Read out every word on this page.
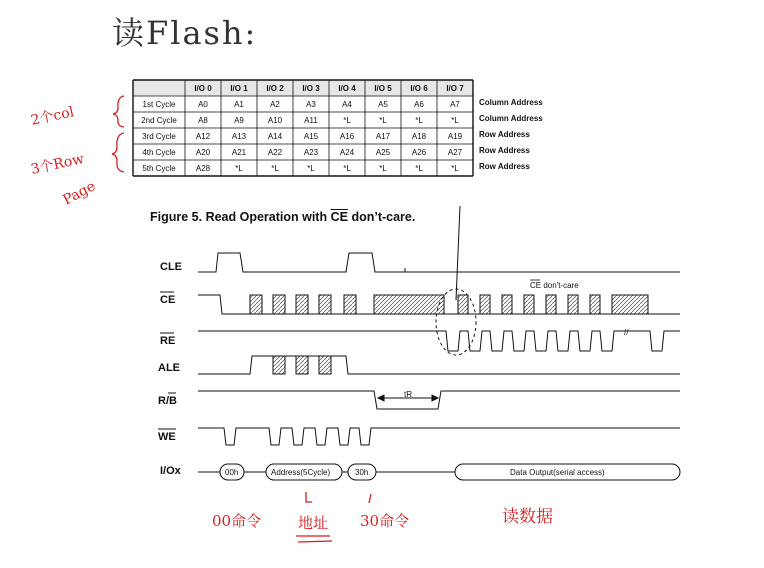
读Flash:
I/O 0 I/O 1 I/O 2 I/O 3 I/O 4 I/O 5 I/O 6 I/O 7
1st Cycle	A0	A1	A2	A3	A4	A5	A6	A7 Column Address
2nd Cycle	A8	A9	A10	A11	*L	*L	*L	*L	Column Address
3rd Cycle A12	A13	A14	A15	A16	A17	A18	A19 Row Address
4th Cycle	A20	A21	A22	A23	A24	A25	A26	A27 Row Address
5th Cycle	A28	*L	*L	*L	*L	*L	*L	*L	Row Address
Figure 5. Read Operation with $\overline{CE}$ don’t-care.
CLE
CE
RE
ALE
R/B
WE
I/Ox
CE don't-care
//
tR
00h	Address(5Cycle)	30h	Data Output(serial access)
2个col
3个Row
Page
00命令 地址 30命令	读数据
